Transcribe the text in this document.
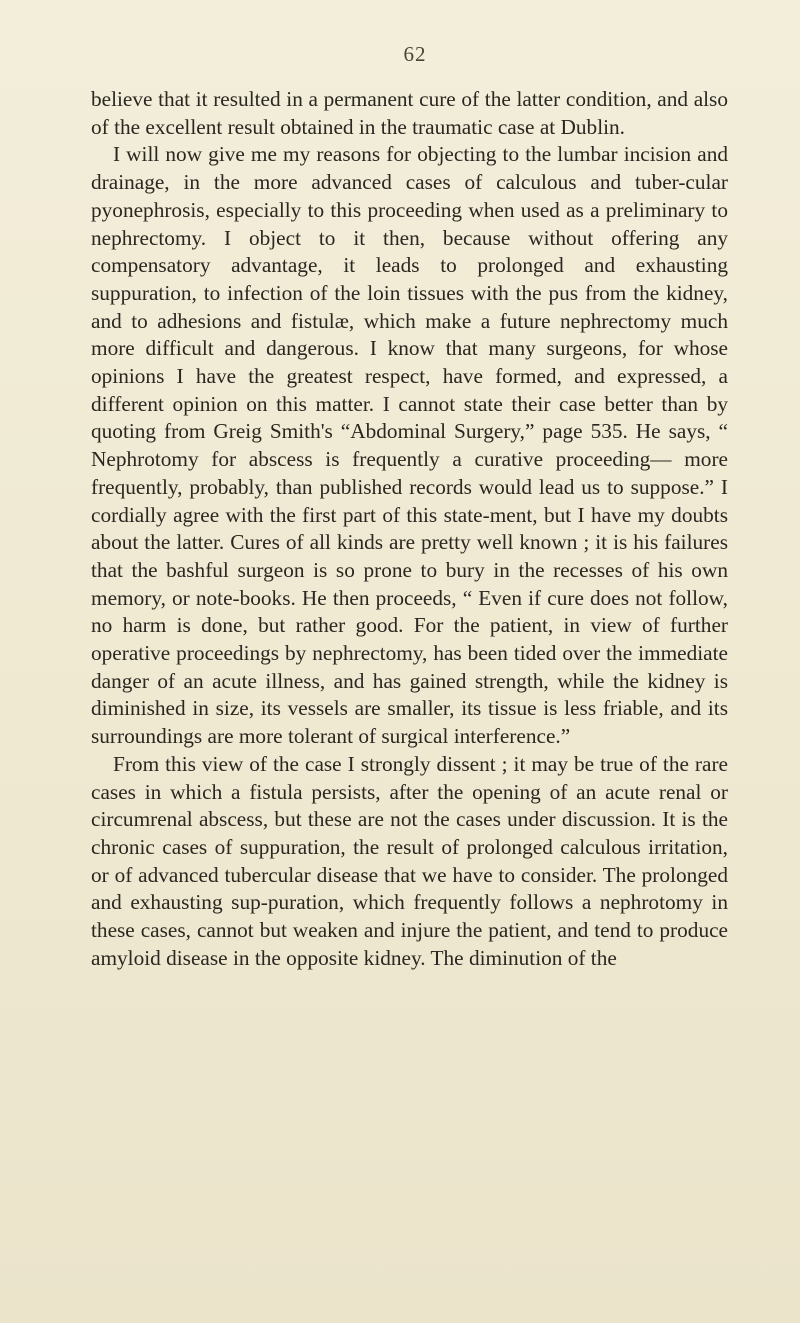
62

believe that it resulted in a permanent cure of the latter condition, and also of the excellent result obtained in the traumatic case at Dublin.

I will now give me my reasons for objecting to the lumbar incision and drainage, in the more advanced cases of calculous and tuber-cular pyonephrosis, especially to this proceeding when used as a preliminary to nephrectomy. I object to it then, because without offering any compensatory advantage, it leads to prolonged and exhausting suppuration, to infection of the loin tissues with the pus from the kidney, and to adhesions and fistulæ, which make a future nephrectomy much more difficult and dangerous. I know that many surgeons, for whose opinions I have the greatest respect, have formed, and expressed, a different opinion on this matter. I cannot state their case better than by quoting from Greig Smith's “Abdominal Surgery,” page 535. He says, “ Nephrotomy for abscess is frequently a curative proceeding— more frequently, probably, than published records would lead us to suppose.” I cordially agree with the first part of this state-ment, but I have my doubts about the latter. Cures of all kinds are pretty well known ; it is his failures that the bashful surgeon is so prone to bury in the recesses of his own memory, or note-books. He then proceeds, “ Even if cure does not follow, no harm is done, but rather good. For the patient, in view of further operative proceedings by nephrectomy, has been tided over the immediate danger of an acute illness, and has gained strength, while the kidney is diminished in size, its vessels are smaller, its tissue is less friable, and its surroundings are more tolerant of surgical interference.”

From this view of the case I strongly dissent ; it may be true of the rare cases in which a fistula persists, after the opening of an acute renal or circumrenal abscess, but these are not the cases under discussion. It is the chronic cases of suppuration, the result of prolonged calculous irritation, or of advanced tubercular disease that we have to consider. The prolonged and exhausting sup-puration, which frequently follows a nephrotomy in these cases, cannot but weaken and injure the patient, and tend to produce amyloid disease in the opposite kidney. The diminution of the
